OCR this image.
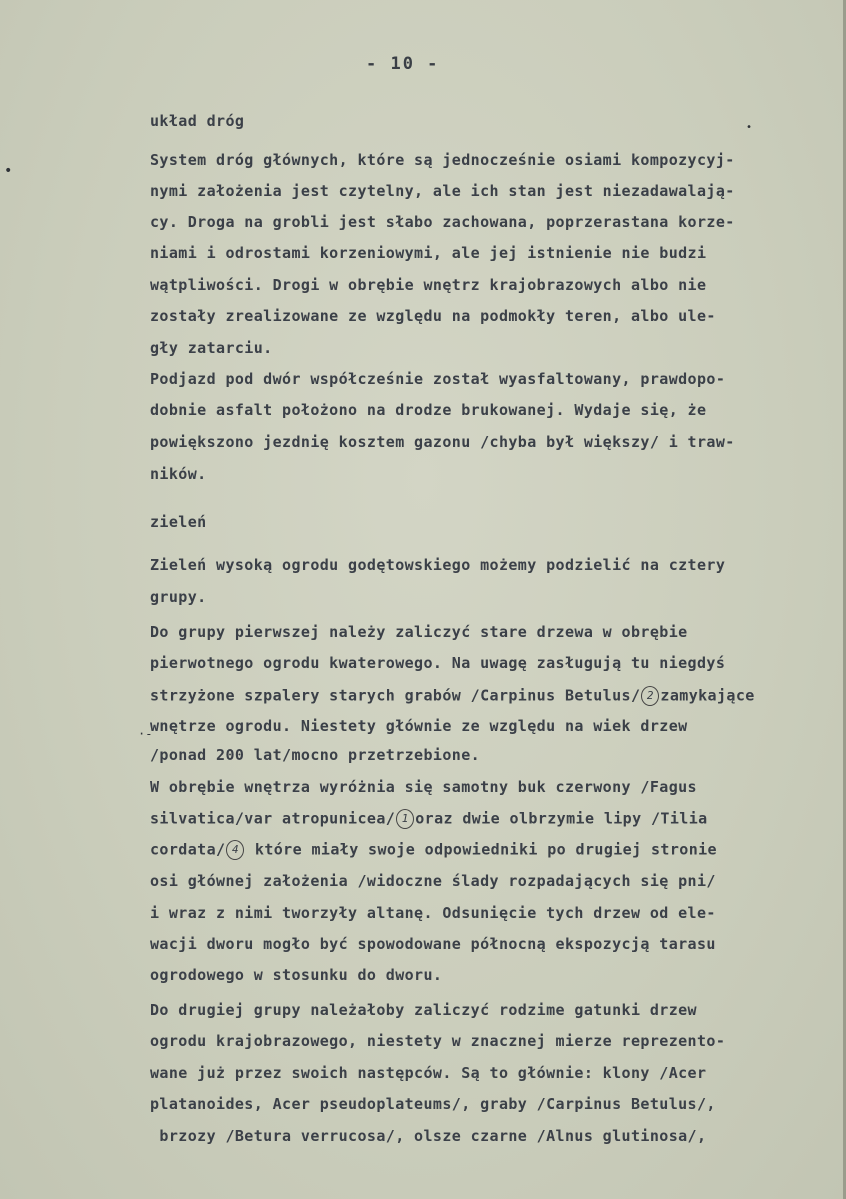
- 10 -
układ dróg
System dróg głównych, które są jednocześnie osiami kompozycyj-
nymi założenia jest czytelny, ale ich stan jest niezadawalają-
cy. Droga na grobli jest słabo zachowana, poprzerastana korze-
niami i odrostami korzeniowymi, ale jej istnienie nie budzi
wątpliwości. Drogi w obrębie wnętrz krajobrazowych albo nie
zostały zrealizowane ze względu na podmokły teren, albo ule-
gły zatarciu.
Podjazd pod dwór współcześnie został wyasfaltowany, prawdopo-
dobnie asfalt położono na drodze brukowanej. Wydaje się, że
powiększono jezdnię kosztem gazonu /chyba był większy/ i traw-
ników.
zieleń
Zieleń wysoką ogrodu godętowskiego możemy podzielić na cztery
grupy.
Do grupy pierwszej należy zaliczyć stare drzewa w obrębie
pierwotnego ogrodu kwaterowego. Na uwagę zasługują tu niegdyś
strzyżone szpalery starych grabów /Carpinus Betulus/ 2 zamykające
wnętrze ogrodu. Niestety głównie ze względu na wiek drzew
/ponad 200 lat/mocno przetrzebione.
W obrębie wnętrza wyróżnia się samotny buk czerwony /Fagus
silvatica/var atropunicea/ 1 oraz dwie olbrzymie lipy /Tilia
cordata/ 4 które miały swoje odpowiedniki po drugiej stronie
osi głównej założenia /widoczne ślady rozpadających się pni/
i wraz z nimi tworzyły altanę. Odsunięcie tych drzew od ele-
wacji dworu mogło być spowodowane północną ekspozycją tarasu
ogrodowego w stosunku do dworu.
Do drugiej grupy należałoby zaliczyć rodzime gatunki drzew
ogrodu krajobrazowego, niestety w znacznej mierze reprezento-
wane już przez swoich następców. Są to głównie: klony /Acer
platanoides, Acer pseudoplateums/, graby /Carpinus Betulus/,
brzozy /Betura verrucosa/, olsze czarne /Alnus glutinosa/,
•
•
·-
